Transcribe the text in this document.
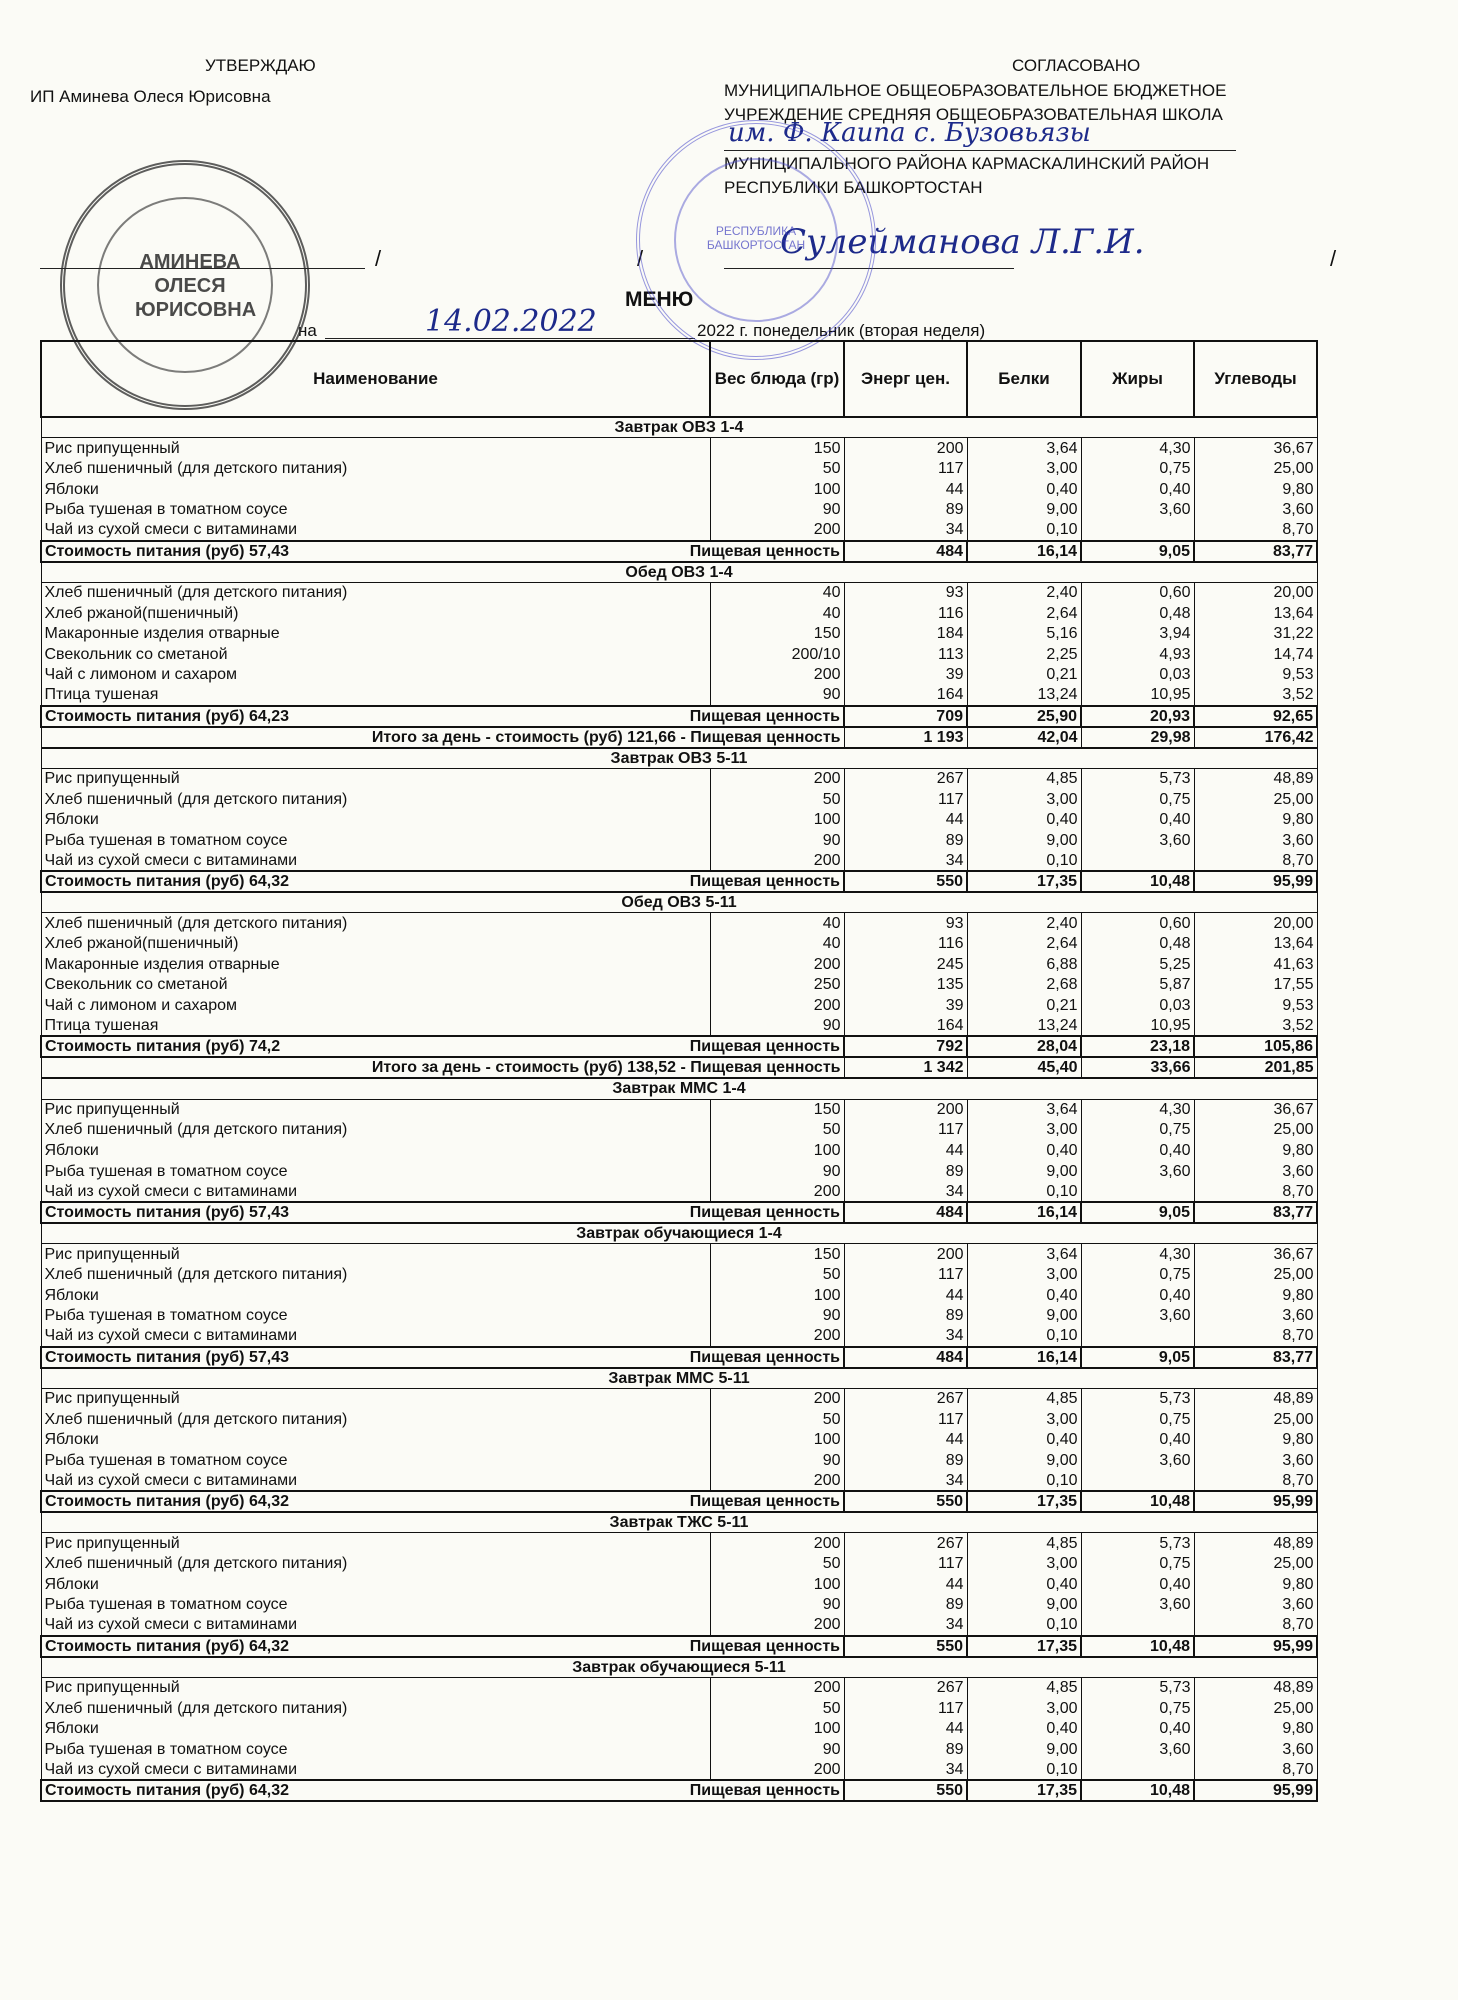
УТВЕРЖДАЮ
ИП Аминева Олеся Юрисовна
СОГЛАСОВАНО
МУНИЦИПАЛЬНОЕ ОБЩЕОБРАЗОВАТЕЛЬНОЕ БЮДЖЕТНОЕ
УЧРЕЖДЕНИЕ СРЕДНЯЯ ОБЩЕОБРАЗОВАТЕЛЬНАЯ ШКОЛА
им. Ф. Каипа с. Бузовьязы
МУНИЦИПАЛЬНОГО РАЙОНА КАРМАСКАЛИНСКИЙ РАЙОН
РЕСПУБЛИКИ БАШКОРТОСТАН
/	/	Сулейманова Л.Г.И.	/
МЕНЮ
на	14.02.2022	2022 г. понедельник (вторая неделя)
АМИНЕВА ОЛЕСЯ ЮРИСОВНА
РЕСПУБЛИКА БАШКОРТОСТАН
Наименование	Вес блюда (гр)	Энерг цен.	Белки	Жиры	Углеводы
Завтрак ОВЗ 1-4					
Рис припущенный	150	200	3,64	4,30	36,67
Хлеб пшеничный (для детского питания)	50	117	3,00	0,75	25,00
Яблоки	100	44	0,40	0,40	9,80
Рыба тушеная в томатном соусе	90	89	9,00	3,60	3,60
Чай из сухой смеси с витаминами	200	34	0,10		8,70
Стоимость питания (руб) 57,43 Пищевая ценность		484	16,14	9,05	83,77
Обед ОВЗ 1-4					
Хлеб пшеничный (для детского питания)	40	93	2,40	0,60	20,00
Хлеб ржаной(пшеничный)	40	116	2,64	0,48	13,64
Макаронные изделия отварные	150	184	5,16	3,94	31,22
Свекольник со сметаной	200/10	113	2,25	4,93	14,74
Чай с лимоном и сахаром	200	39	0,21	0,03	9,53
Птица тушеная	90	164	13,24	10,95	3,52
Стоимость питания (руб) 64,23 Пищевая ценность		709	25,90	20,93	92,65
Итого за день - стоимость (руб) 121,66 - Пищевая ценность		1 193	42,04	29,98	176,42
Завтрак ОВЗ 5-11					
Рис припущенный	200	267	4,85	5,73	48,89
Хлеб пшеничный (для детского питания)	50	117	3,00	0,75	25,00
Яблоки	100	44	0,40	0,40	9,80
Рыба тушеная в томатном соусе	90	89	9,00	3,60	3,60
Чай из сухой смеси с витаминами	200	34	0,10		8,70
Стоимость питания (руб) 64,32 Пищевая ценность		550	17,35	10,48	95,99
Обед ОВЗ 5-11					
Хлеб пшеничный (для детского питания)	40	93	2,40	0,60	20,00
Хлеб ржаной(пшеничный)	40	116	2,64	0,48	13,64
Макаронные изделия отварные	200	245	6,88	5,25	41,63
Свекольник со сметаной	250	135	2,68	5,87	17,55
Чай с лимоном и сахаром	200	39	0,21	0,03	9,53
Птица тушеная	90	164	13,24	10,95	3,52
Стоимость питания (руб) 74,2 Пищевая ценность		792	28,04	23,18	105,86
Итого за день - стоимость (руб) 138,52 - Пищевая ценность		1 342	45,40	33,66	201,85
Завтрак ММС 1-4					
Рис припущенный	150	200	3,64	4,30	36,67
Хлеб пшеничный (для детского питания)	50	117	3,00	0,75	25,00
Яблоки	100	44	0,40	0,40	9,80
Рыба тушеная в томатном соусе	90	89	9,00	3,60	3,60
Чай из сухой смеси с витаминами	200	34	0,10		8,70
Стоимость питания (руб) 57,43 Пищевая ценность		484	16,14	9,05	83,77
Завтрак обучающиеся 1-4					
Рис припущенный	150	200	3,64	4,30	36,67
Хлеб пшеничный (для детского питания)	50	117	3,00	0,75	25,00
Яблоки	100	44	0,40	0,40	9,80
Рыба тушеная в томатном соусе	90	89	9,00	3,60	3,60
Чай из сухой смеси с витаминами	200	34	0,10		8,70
Стоимость питания (руб) 57,43 Пищевая ценность		484	16,14	9,05	83,77
Завтрак ММС 5-11					
Рис припущенный	200	267	4,85	5,73	48,89
Хлеб пшеничный (для детского питания)	50	117	3,00	0,75	25,00
Яблоки	100	44	0,40	0,40	9,80
Рыба тушеная в томатном соусе	90	89	9,00	3,60	3,60
Чай из сухой смеси с витаминами	200	34	0,10		8,70
Стоимость питания (руб) 64,32 Пищевая ценность		550	17,35	10,48	95,99
Завтрак ТЖС 5-11					
Рис припущенный	200	267	4,85	5,73	48,89
Хлеб пшеничный (для детского питания)	50	117	3,00	0,75	25,00
Яблоки	100	44	0,40	0,40	9,80
Рыба тушеная в томатном соусе	90	89	9,00	3,60	3,60
Чай из сухой смеси с витаминами	200	34	0,10		8,70
Стоимость питания (руб) 64,32 Пищевая ценность		550	17,35	10,48	95,99
Завтрак обучающиеся 5-11					
Рис припущенный	200	267	4,85	5,73	48,89
Хлеб пшеничный (для детского питания)	50	117	3,00	0,75	25,00
Яблоки	100	44	0,40	0,40	9,80
Рыба тушеная в томатном соусе	90	89	9,00	3,60	3,60
Чай из сухой смеси с витаминами	200	34	0,10		8,70
Стоимость питания (руб) 64,32 Пищевая ценность		550	17,35	10,48	95,99
